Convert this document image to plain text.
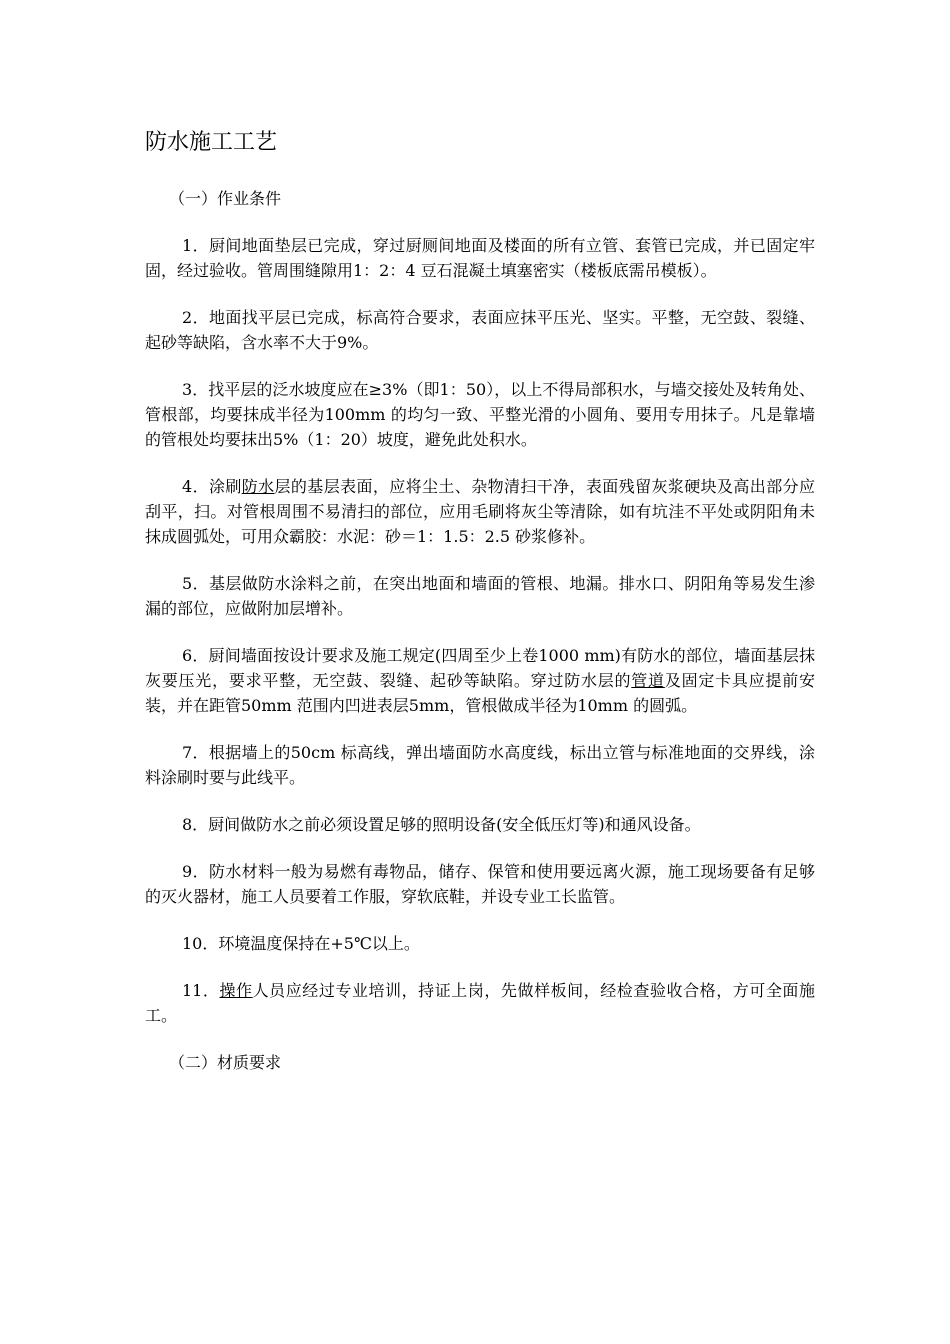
防水施工工艺
（一）作业条件

1．厨间地面垫层已完成，穿过厨厕间地面及楼面的所有立管、套管已完成，并已固定牢固，经过验收。管周围缝隙用1：2：4 豆石混凝土填塞密实（楼板底需吊模板）。

2．地面找平层已完成，标高符合要求，表面应抹平压光、坚实。平整，无空鼓、裂缝、起砂等缺陷，含水率不大于9%。

3．找平层的泛水坡度应在≥3%（即1：50），以上不得局部积水，与墙交接处及转角处、管根部，均要抹成半径为100mm 的均匀一致、平整光滑的小圆角、要用专用抹子。凡是靠墙的管根处均要抹出5%（1：20）坡度，避免此处积水。

4．涂刷防水层的基层表面，应将尘土、杂物清扫干净，表面残留灰浆硬块及高出部分应刮平，扫。对管根周围不易清扫的部位，应用毛刷将灰尘等清除，如有坑洼不平处或阴阳角未抹成圆弧处，可用众霸胶：水泥：砂＝1：1.5：2.5 砂浆修补。

5．基层做防水涂料之前，在突出地面和墙面的管根、地漏。排水口、阴阳角等易发生渗漏的部位，应做附加层增补。

6．厨间墙面按设计要求及施工规定(四周至少上卷1000 mm)有防水的部位，墙面基层抹灰要压光，要求平整，无空鼓、裂缝、起砂等缺陷。穿过防水层的管道及固定卡具应提前安装，并在距管50mm 范围内凹进表层5mm，管根做成半径为10mm 的圆弧。

7．根据墙上的50cm 标高线，弹出墙面防水高度线，标出立管与标准地面的交界线，涂料涂刷时要与此线平。

8．厨间做防水之前必须设置足够的照明设备(安全低压灯等)和通风设备。

9．防水材料一般为易燃有毒物品，储存、保管和使用要远离火源，施工现场要备有足够的灭火器材，施工人员要着工作服，穿软底鞋，并设专业工长监管。

10．环境温度保持在+5℃以上。

11．操作人员应经过专业培训，持证上岗，先做样板间，经检查验收合格，方可全面施工。

（二）材质要求
